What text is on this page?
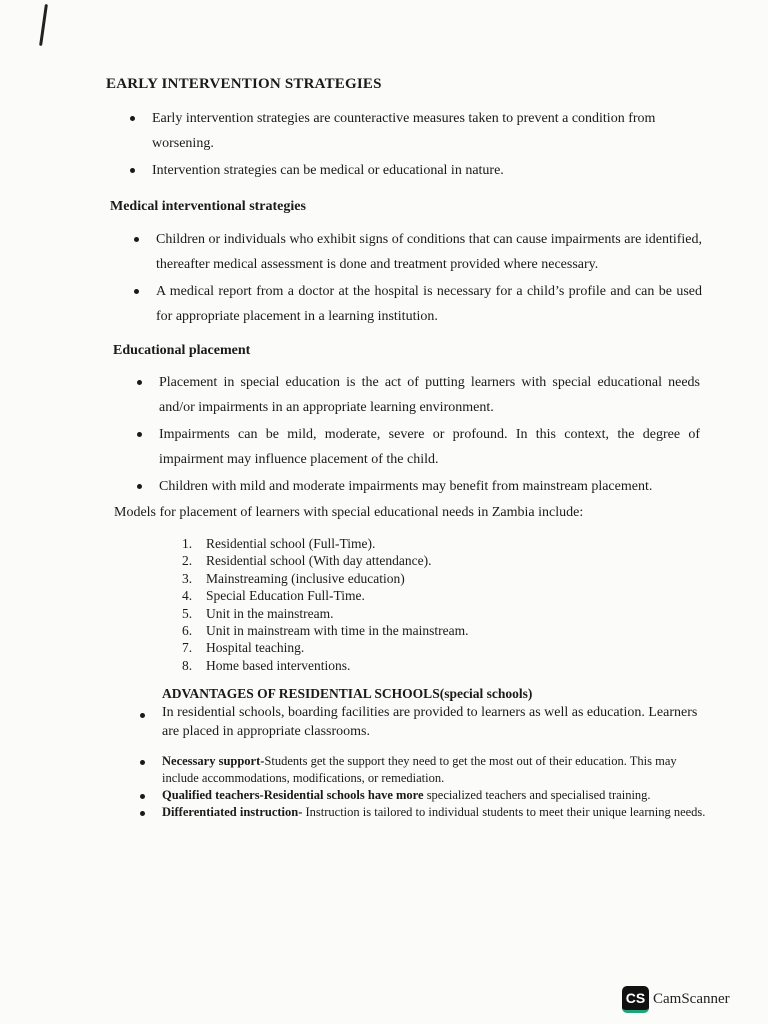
EARLY INTERVENTION STRATEGIES
Early intervention strategies are counteractive measures taken to prevent a condition from worsening.
Intervention strategies can be medical or educational in nature.
Medical interventional strategies
Children or individuals who exhibit signs of conditions that can cause impairments are identified, thereafter medical assessment is done and treatment provided where necessary.
A medical report from a doctor at the hospital is necessary for a child’s profile and can be used for appropriate placement in a learning institution.
Educational placement
Placement in special education is the act of putting learners with special educational needs and/or impairments in an appropriate learning environment.
Impairments can be mild, moderate, severe or profound. In this context, the degree of impairment may influence placement of the child.
Children with mild and moderate impairments may benefit from mainstream placement.
Models for placement of learners with special educational needs in Zambia include:
1. Residential school (Full-Time).
2. Residential school (With day attendance).
3. Mainstreaming (inclusive education)
4. Special Education Full-Time.
5. Unit in the mainstream.
6. Unit in mainstream with time in the mainstream.
7. Hospital teaching.
8. Home based interventions.
ADVANTAGES OF RESIDENTIAL SCHOOLS(special schools)
In residential schools, boarding facilities are provided to learners as well as education. Learners are placed in appropriate classrooms.
Necessary support-Students get the support they need to get the most out of their education. This may include accommodations, modifications, or remediation.
Qualified teachers-Residential schools have more specialized teachers and specialised training.
Differentiated instruction- Instruction is tailored to individual students to meet their unique learning needs.
CS CamScanner
